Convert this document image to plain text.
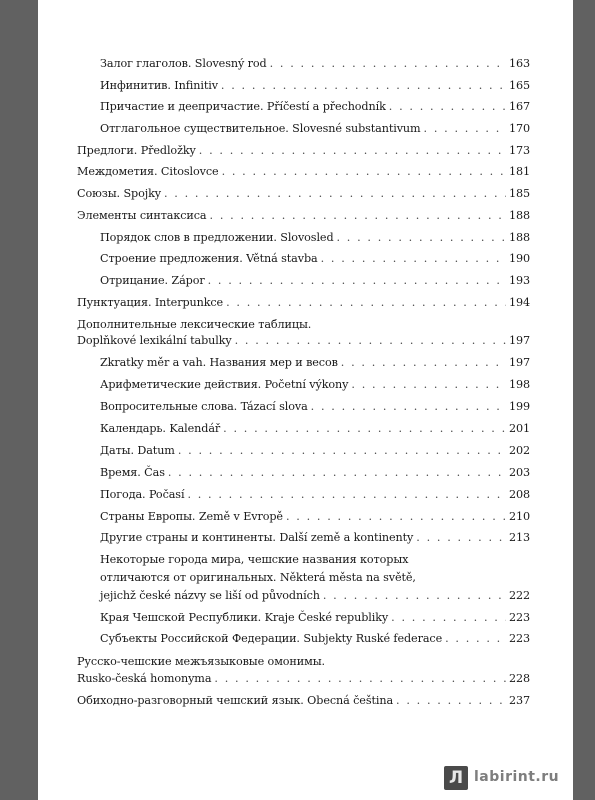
Залог глаголов. Slovesný rod . . .	163
Инфинитив. Infinitiv . . .	165
Причастие и деепричастие. Příčestí a přechodník . . .	167
Отглагольное существительное. Slovesné substantivum . . .	170
Предлоги. Předložky . . .	173
Междометия. Citoslovce . . .	181
Союзы. Spojky . . .	185
Элементы синтаксиса . . .	188
Порядок слов в предложении. Slovosled . . .	188
Строение предложения. Větná stavba . . .	190
Отрицание. Zápor . . .	193
Пунктуация. Interpunkce . . .	194
Дополнительные лексические таблицы.
Doplňkové lexikální tabulky . . .	197
Zkratky měr a vah. Названия мер и весов . . .	197
Арифметические действия. Početní výkony . . .	198
Вопросительные слова. Tázací slova . . .	199
Календарь. Kalendář . . .	201
Даты. Datum . . .	202
Время. Čas . . .	203
Погода. Počasí . . .	208
Страны Европы. Země v Evropě . . .	210
Другие страны и континенты. Další země a kontinenty . . .	213
Некоторые города мира, чешские названия которых
отличаются от оригинальных. Některá města na světě,
jejichž české názvy se liší od původních . . .	222
Края Чешской Республики. Kraje České republiky . . .	223
Субъекты Российской Федерации. Subjekty Ruské federace . . .	223
Русско-чешские межъязыковые омонимы.
Rusko-česká homonyma . . .	228
Обиходно-разговорный чешский язык. Obecná čeština . . .	237
Л labirint.ru
